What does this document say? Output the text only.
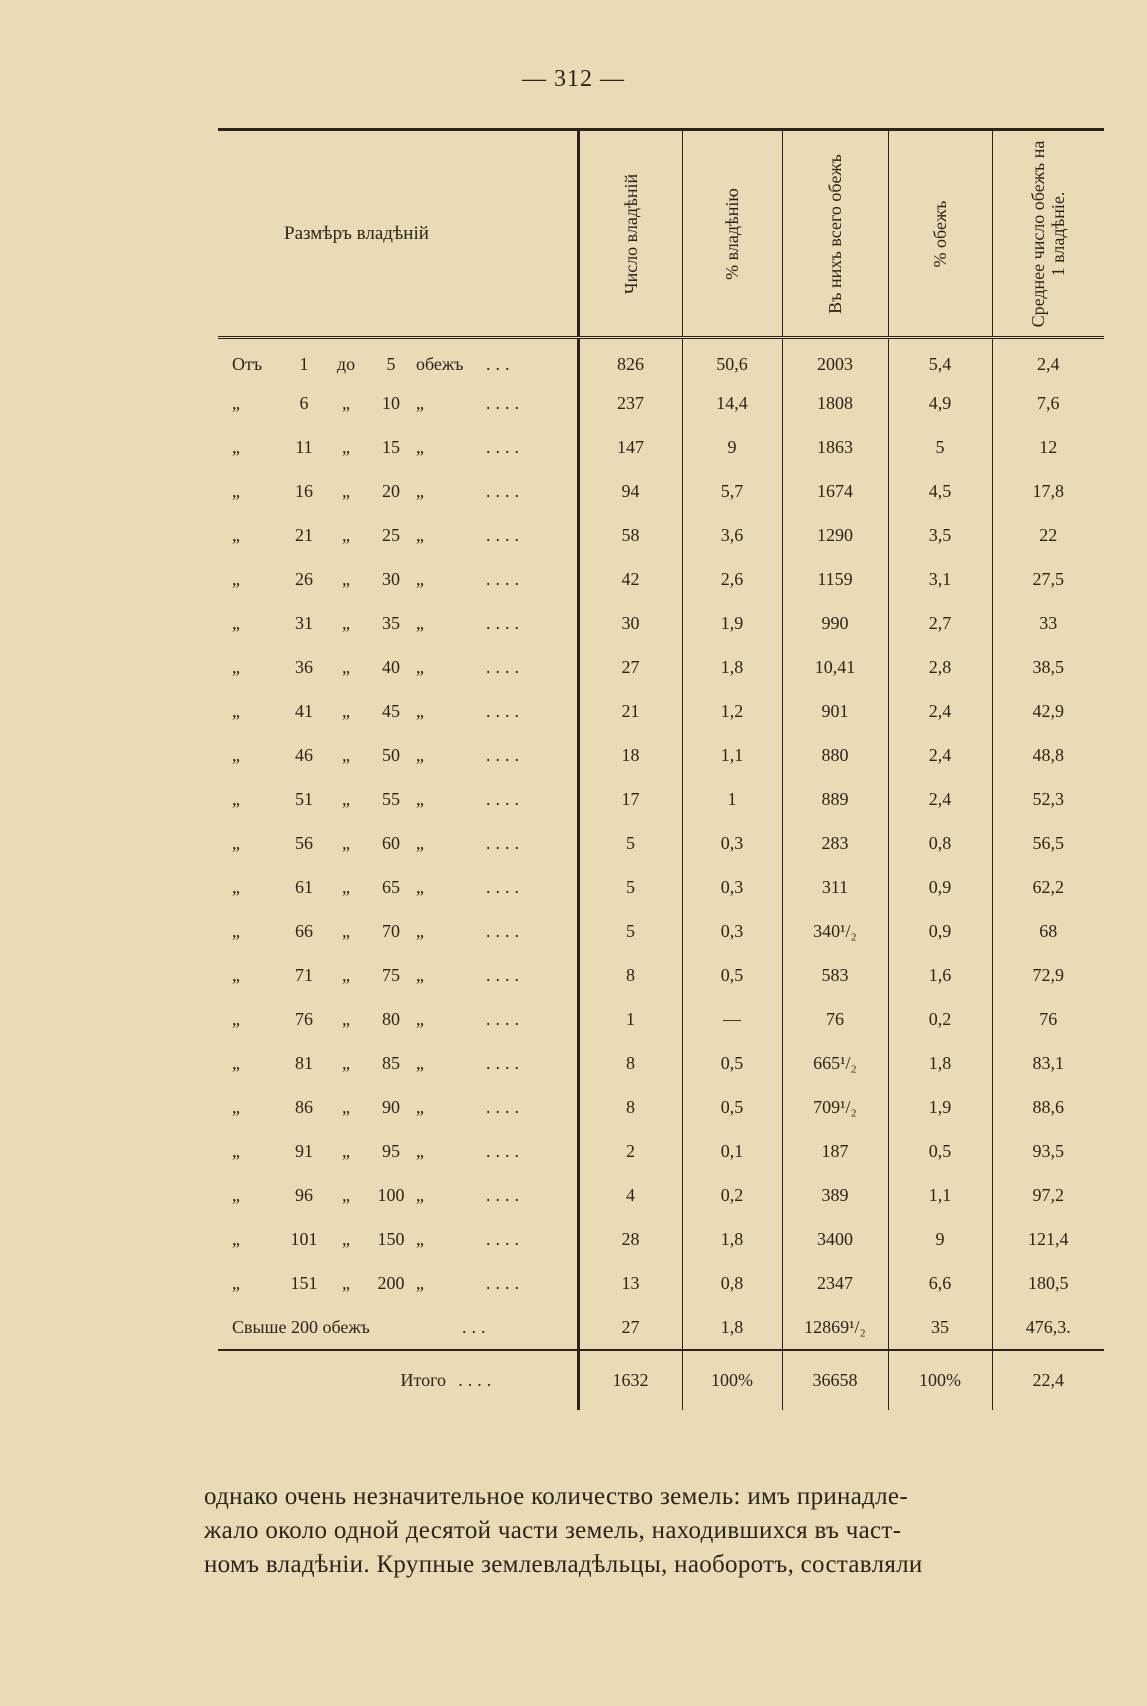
— 312 —
Размѣръ владѣній	Число владѣній	% владѣнію	Въ нихъ всего обежъ	% обежъ	Среднее число обежъ на 1 владѣніе.

Отъ 1 до 5 обежъ ...	826	50,6	2003	5,4	2,4
„ 6 „ 10 „ ....	237	14,4	1808	4,9	7,6
„ 11 „ 15 „ ....	147	9	1863	5	12
„ 16 „ 20 „ ....	94	5,7	1674	4,5	17,8
„ 21 „ 25 „ ....	58	3,6	1290	3,5	22
„ 26 „ 30 „ ....	42	2,6	1159	3,1	27,5
„ 31 „ 35 „ ....	30	1,9	990	2,7	33
„ 36 „ 40 „ ....	27	1,8	10,41	2,8	38,5
„ 41 „ 45 „ ....	21	1,2	901	2,4	42,9
„ 46 „ 50 „ ....	18	1,1	880	2,4	48,8
„ 51 „ 55 „ ....	17	1	889	2,4	52,3
„ 56 „ 60 „ ....	5	0,3	283	0,8	56,5
„ 61 „ 65 „ ....	5	0,3	311	0,9	62,2
„ 66 „ 70 „ ....	5	0,3	340¹/₂	0,9	68
„ 71 „ 75 „ ....	8	0,5	583	1,6	72,9
„ 76 „ 80 „ ....	1	—	76	0,2	76
„ 81 „ 85 „ ....	8	0,5	665¹/₂	1,8	83,1
„ 86 „ 90 „ ....	8	0,5	709¹/₂	1,9	88,6
„ 91 „ 95 „ ....	2	0,1	187	0,5	93,5
„ 96 „ 100 „ ....	4	0,2	389	1,1	97,2
„ 101 „ 150 „ ....	28	1,8	3400	9	121,4
„ 151 „ 200 „ ....	13	0,8	2347	6,6	180,5
Свыше 200 обежъ ...	27	1,8	12869¹/₂	35	476,3.
Итого ....	1632	100%	36658	100%	22,4

однако очень незначительное количество земель: имъ принадле-

жало около одной десятой части земель, находившихся въ част-

номъ владѣніи. Крупные землевладѣльцы, наоборотъ, составляли
